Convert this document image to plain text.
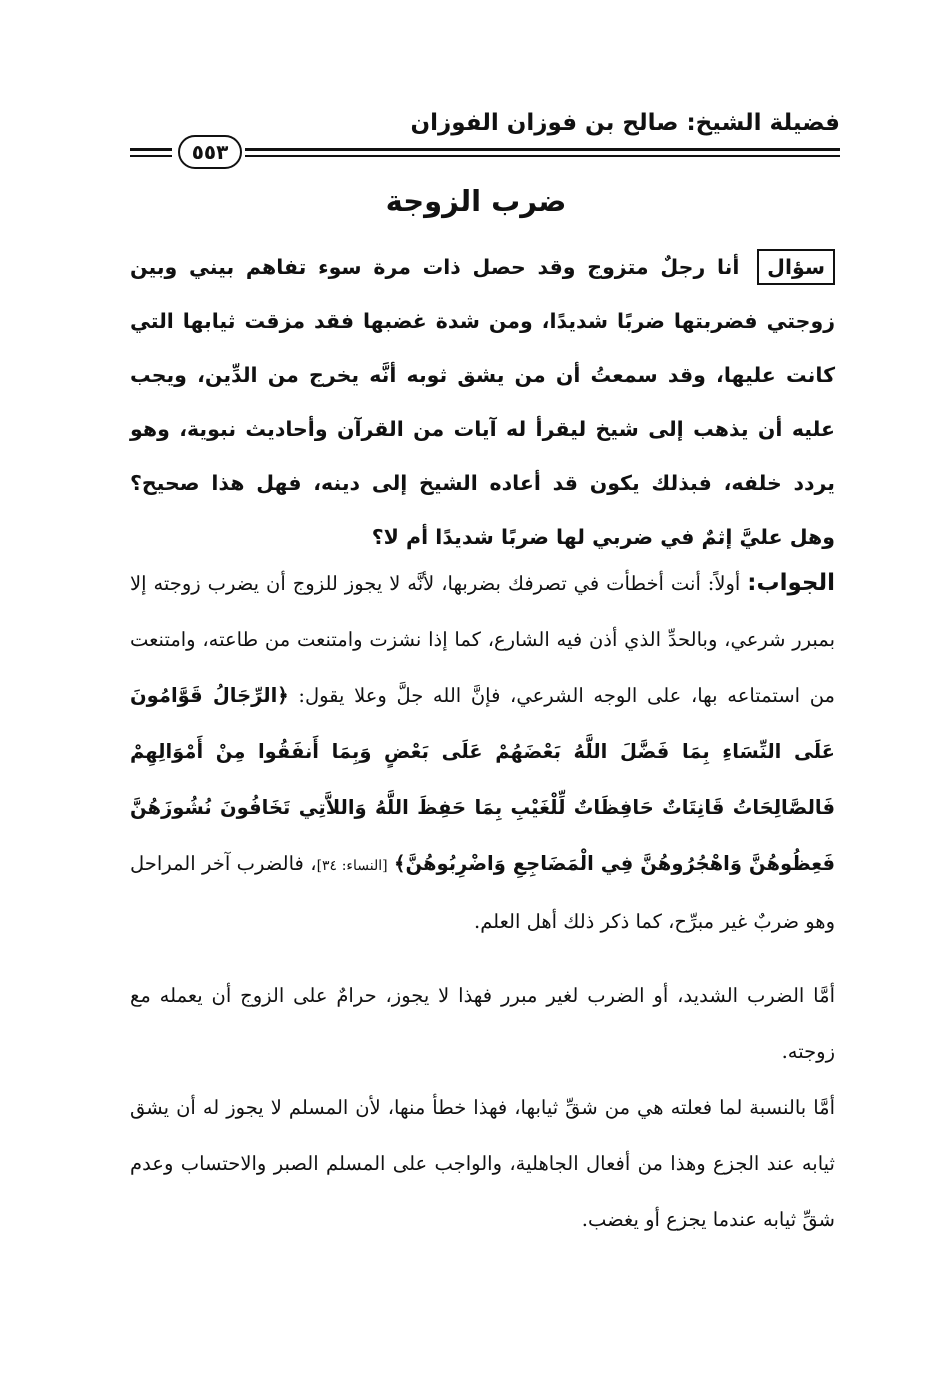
فضيلة الشيخ: صالح بن فوزان الفوزان
٥٥٣
ضرب الزوجة
سؤال أنا رجلٌ متزوج وقد حصل ذات مرة سوء تفاهم بيني وبين زوجتي فضربتها ضربًا شديدًا، ومن شدة غضبها فقد مزقت ثيابها التي كانت عليها، وقد سمعتُ أن من يشق ثوبه أنَّه يخرج من الدِّين، ويجب عليه أن يذهب إلى شيخ ليقرأ له آيات من القرآن وأحاديث نبوية، وهو يردد خلفه، فبذلك يكون قد أعاده الشيخ إلى دينه، فهل هذا صحيح؟ وهل عليَّ إثمٌ في ضربي لها ضربًا شديدًا أم لا؟
الجواب: أولاً: أنت أخطأت في تصرفك بضربها، لأنَّه لا يجوز للزوج أن يضرب زوجته إلا بمبرر شرعي، وبالحدِّ الذي أذن فيه الشارع، كما إذا نشزت وامتنعت من طاعته، وامتنعت من استمتاعه بها، على الوجه الشرعي، فإنَّ الله جلَّ وعلا يقول: ﴿الرِّجَالُ قَوَّامُونَ عَلَى النِّسَاءِ بِمَا فَضَّلَ اللَّهُ بَعْضَهُمْ عَلَى بَعْضٍ وَبِمَا أَنفَقُوا مِنْ أَمْوَالِهِمْ فَالصَّالِحَاتُ قَانِتَاتٌ حَافِظَاتٌ لِّلْغَيْبِ بِمَا حَفِظَ اللَّهُ وَاللاَّتِي تَخَافُونَ نُشُوزَهُنَّ فَعِظُوهُنَّ وَاهْجُرُوهُنَّ فِي الْمَضَاجِعِ وَاضْرِبُوهُنَّ﴾ [النساء: ٣٤]، فالضرب آخر المراحل وهو ضربٌ غير مبرِّح، كما ذكر ذلك أهل العلم.
أمَّا الضرب الشديد، أو الضرب لغير مبرر فهذا لا يجوز، حرامٌ على الزوج أن يعمله مع زوجته.
أمَّا بالنسبة لما فعلته هي من شقِّ ثيابها، فهذا خطأ منها، لأن المسلم لا يجوز له أن يشق ثيابه عند الجزع وهذا من أفعال الجاهلية، والواجب على المسلم الصبر والاحتساب وعدم شقِّ ثيابه عندما يجزع أو يغضب.
